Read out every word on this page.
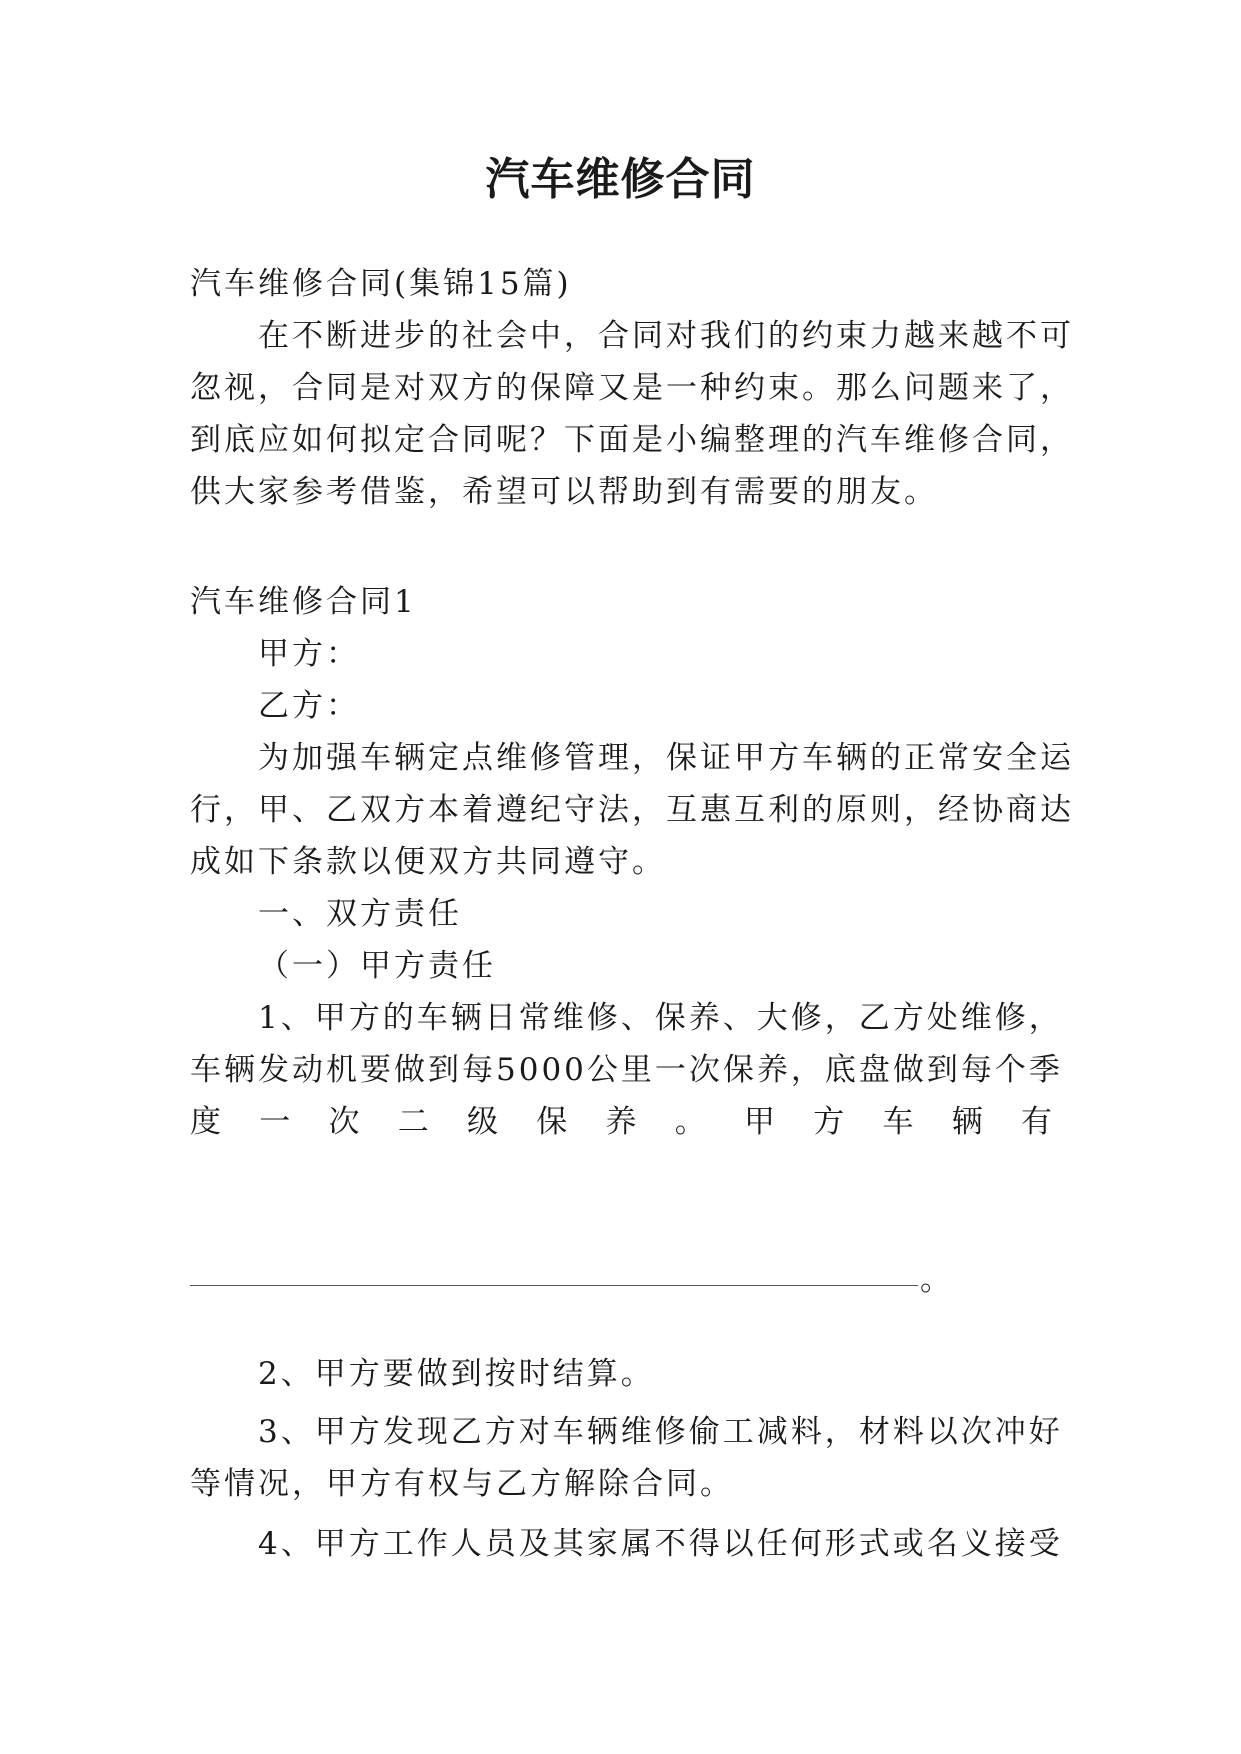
汽车维修合同
汽车维修合同(集锦15篇)
在不断进步的社会中，合同对我们的约束力越来越不可
忽视，合同是对双方的保障又是一种约束。那么问题来了，
到底应如何拟定合同呢？下面是小编整理的汽车维修合同，
供大家参考借鉴，希望可以帮助到有需要的朋友。
汽车维修合同1
甲方：
乙方：
为加强车辆定点维修管理，保证甲方车辆的正常安全运
行，甲、乙双方本着遵纪守法，互惠互利的原则，经协商达
成如下条款以便双方共同遵守。
一、双方责任
（一）甲方责任
1、甲方的车辆日常维修、保养、大修，乙方处维修，
车辆发动机要做到每5000公里一次保养，底盘做到每个季
度 一 次 二 级 保 养 。 甲 方 车 辆 有
。
2、甲方要做到按时结算。
3、甲方发现乙方对车辆维修偷工减料，材料以次冲好
等情况，甲方有权与乙方解除合同。
4、甲方工作人员及其家属不得以任何形式或名义接受
